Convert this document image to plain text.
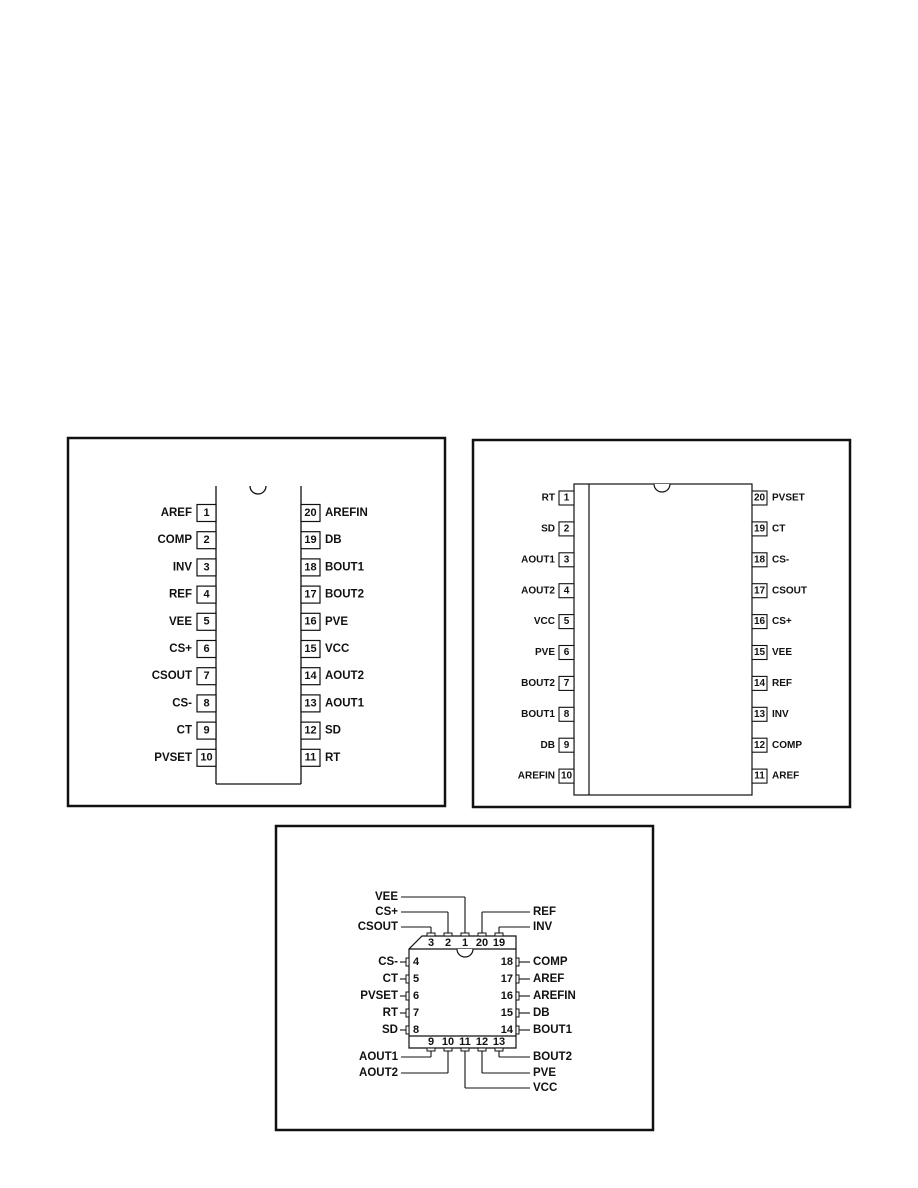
1
AREF
2
COMP
3
INV
4
REF
5
VEE
6
CS+
7
CSOUT
8
CS-
9
CT
10
PVSET
20 AREFIN
19 DB
18 BOUT1
17 BOUT2
16 PVE
15 VCC
14 AOUT2
13 AOUT1
12 SD
11 RT
1
RT
2
SD
3
AOUT1
4
AOUT2
5
VCC
6
PVE
7
BOUT2
8
BOUT1
9
DB
10
AREFIN
20 PVSET
19 CT
18 CS-
17 CSOUT
16 CS+
15 VEE
14 REF
13 INV
12 COMP
11 AREF
3 2 1 20 19
VEE
CS+
CSOUT
REF
INV
4
CS-
5
CT
6
PVSET
7
RT
8
SD
18 COMP
17 AREF
16 AREFIN
15 DB
14 BOUT1
9 10 11 12 13
AOUT1
AOUT2
BOUT2
PVE
VCC
